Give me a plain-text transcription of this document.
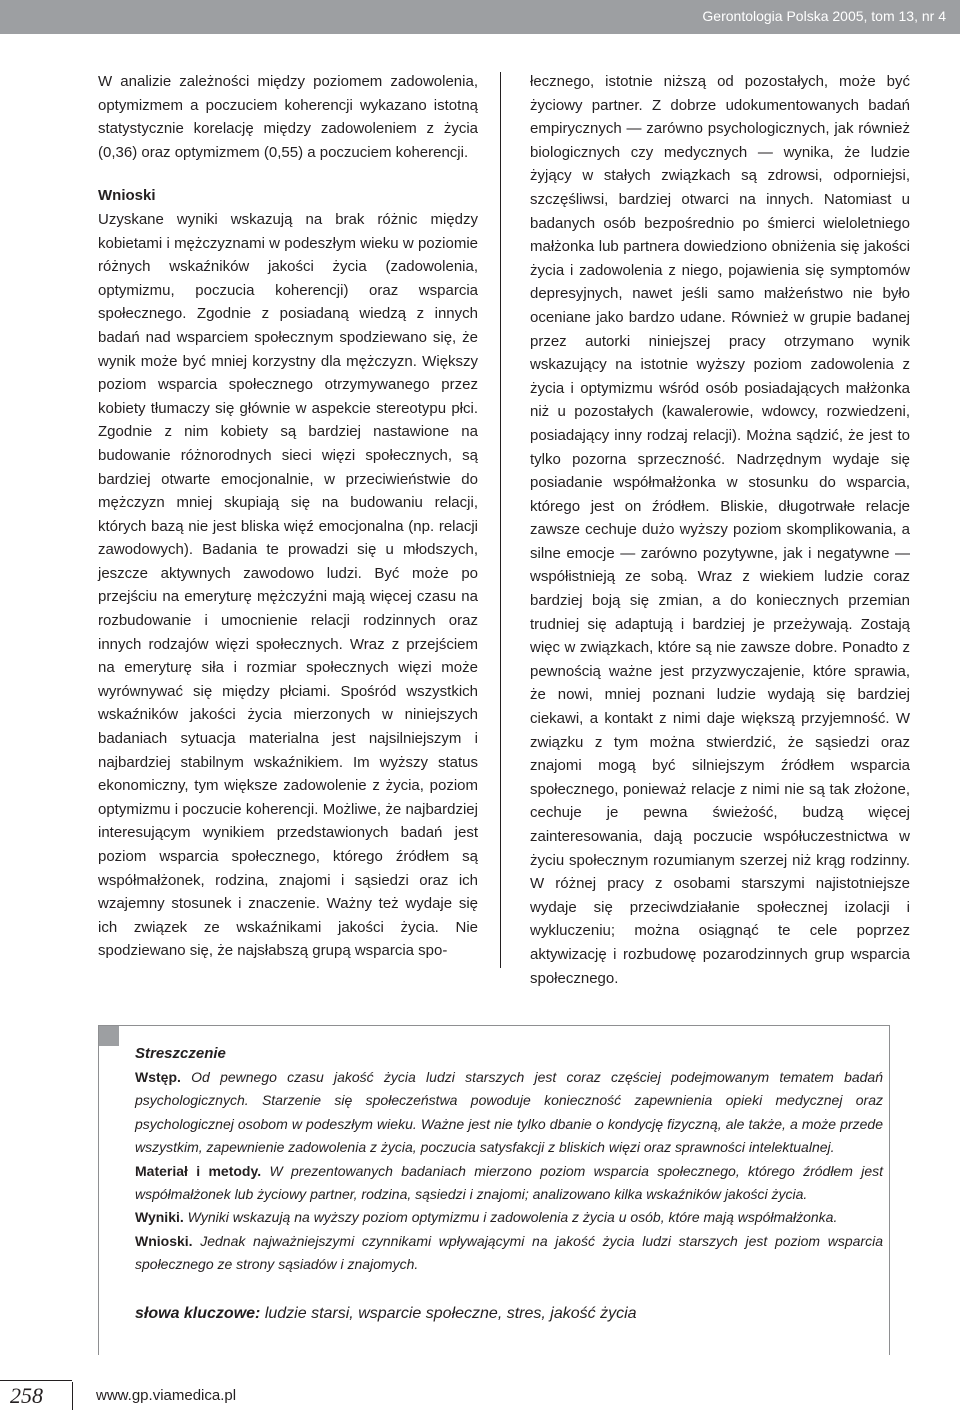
Gerontologia Polska 2005, tom 13, nr 4

W analizie zależności między poziomem zadowolenia, optymizmem a poczuciem koherencji wykazano istotną statystycznie korelację między zadowoleniem z życia (0,36) oraz optymizmem (0,55) a poczuciem koherencji.

Wnioski

Uzyskane wyniki wskazują na brak różnic między kobietami i mężczyznami w podeszłym wieku w poziomie różnych wskaźników jakości życia (zadowolenia, optymizmu, poczucia koherencji) oraz wsparcia społecznego. Zgodnie z posiadaną wiedzą z innych badań nad wsparciem społecznym spodziewano się, że wynik może być mniej korzystny dla mężczyzn. Większy poziom wsparcia społecznego otrzymywanego przez kobiety tłumaczy się głównie w aspekcie stereotypu płci. Zgodnie z nim kobiety są bardziej nastawione na budowanie różnorodnych sieci więzi społecznych, są bardziej otwarte emocjonalnie, w przeciwieństwie do mężczyzn mniej skupiają się na budowaniu relacji, których bazą nie jest bliska więź emocjonalna (np. relacji zawodowych). Badania te prowadzi się u młodszych, jeszcze aktywnych zawodowo ludzi. Być może po przejściu na emeryturę mężczyźni mają więcej czasu na rozbudowanie i umocnienie relacji rodzinnych oraz innych rodzajów więzi społecznych. Wraz z przejściem na emeryturę siła i rozmiar społecznych więzi może wyrównywać się między płciami. Spośród wszystkich wskaźników jakości życia mierzonych w niniejszych badaniach sytuacja materialna jest najsilniejszym i najbardziej stabilnym wskaźnikiem. Im wyższy status ekonomiczny, tym większe zadowolenie z życia, poziom optymizmu i poczucie koherencji. Możliwe, że najbardziej interesującym wynikiem przedstawionych badań jest poziom wsparcia społecznego, którego źródłem są współmałżonek, rodzina, znajomi i sąsiedzi oraz ich wzajemny stosunek i znaczenie. Ważny też wydaje się ich związek ze wskaźnikami jakości życia. Nie spodziewano się, że najsłabszą grupą wsparcia spo-

łecznego, istotnie niższą od pozostałych, może być życiowy partner. Z dobrze udokumentowanych badań empirycznych — zarówno psychologicznych, jak również biologicznych czy medycznych — wynika, że ludzie żyjący w stałych związkach są zdrowsi, odporniejsi, szczęśliwsi, bardziej otwarci na innych. Natomiast u badanych osób bezpośrednio po śmierci wieloletniego małżonka lub partnera dowiedziono obniżenia się jakości życia i zadowolenia z niego, pojawienia się symptomów depresyjnych, nawet jeśli samo małżeństwo nie było oceniane jako bardzo udane. Również w grupie badanej przez autorki niniejszej pracy otrzymano wynik wskazujący na istotnie wyższy poziom zadowolenia z życia i optymizmu wśród osób posiadających małżonka niż u pozostałych (kawalerowie, wdowcy, rozwiedzeni, posiadający inny rodzaj relacji). Można sądzić, że jest to tylko pozorna sprzeczność. Nadrzędnym wydaje się posiadanie współmałżonka w stosunku do wsparcia, którego jest on źródłem. Bliskie, długotrwałe relacje zawsze cechuje dużo wyższy poziom skomplikowania, a silne emocje — zarówno pozytywne, jak i negatywne — współistnieją ze sobą. Wraz z wiekiem ludzie coraz bardziej boją się zmian, a do koniecznych przemian trudniej się adaptują i bardziej je przeżywają. Zostają więc w związkach, które są nie zawsze dobre. Ponadto z pewnością ważne jest przyzwyczajenie, które sprawia, że nowi, mniej poznani ludzie wydają się bardziej ciekawi, a kontakt z nimi daje większą przyjemność. W związku z tym można stwierdzić, że sąsiedzi oraz znajomi mogą być silniejszym źródłem wsparcia społecznego, ponieważ relacje z nimi nie są tak złożone, cechuje je pewna świeżość, budzą więcej zainteresowania, dają poczucie współuczestnictwa w życiu społecznym rozumianym szerzej niż krąg rodzinny. W różnej pracy z osobami starszymi najistotniejsze wydaje się przeciwdziałanie społecznej izolacji i wykluczeniu; można osiągnąć te cele poprzez aktywizację i rozbudowę pozarodzinnych grup wsparcia społecznego.

Streszczenie

Wstęp. Od pewnego czasu jakość życia ludzi starszych jest coraz częściej podejmowanym tematem badań psychologicznych. Starzenie się społeczeństwa powoduje konieczność zapewnienia opieki medycznej oraz psychologicznej osobom w podeszłym wieku. Ważne jest nie tylko dbanie o kondycję fizyczną, ale także, a może przede wszystkim, zapewnienie zadowolenia z życia, poczucia satysfakcji z bliskich więzi oraz sprawności intelektualnej.

Materiał i metody. W prezentowanych badaniach mierzono poziom wsparcia społecznego, którego źródłem jest współmałżonek lub życiowy partner, rodzina, sąsiedzi i znajomi; analizowano kilka wskaźników jakości życia.

Wyniki. Wyniki wskazują na wyższy poziom optymizmu i zadowolenia z życia u osób, które mają współmałżonka.

Wnioski. Jednak najważniejszymi czynnikami wpływającymi na jakość życia ludzi starszych jest poziom wsparcia społecznego ze strony sąsiadów i znajomych.

słowa kluczowe: ludzie starsi, wsparcie społeczne, stres, jakość życia
258	www.gp.viamedica.pl
